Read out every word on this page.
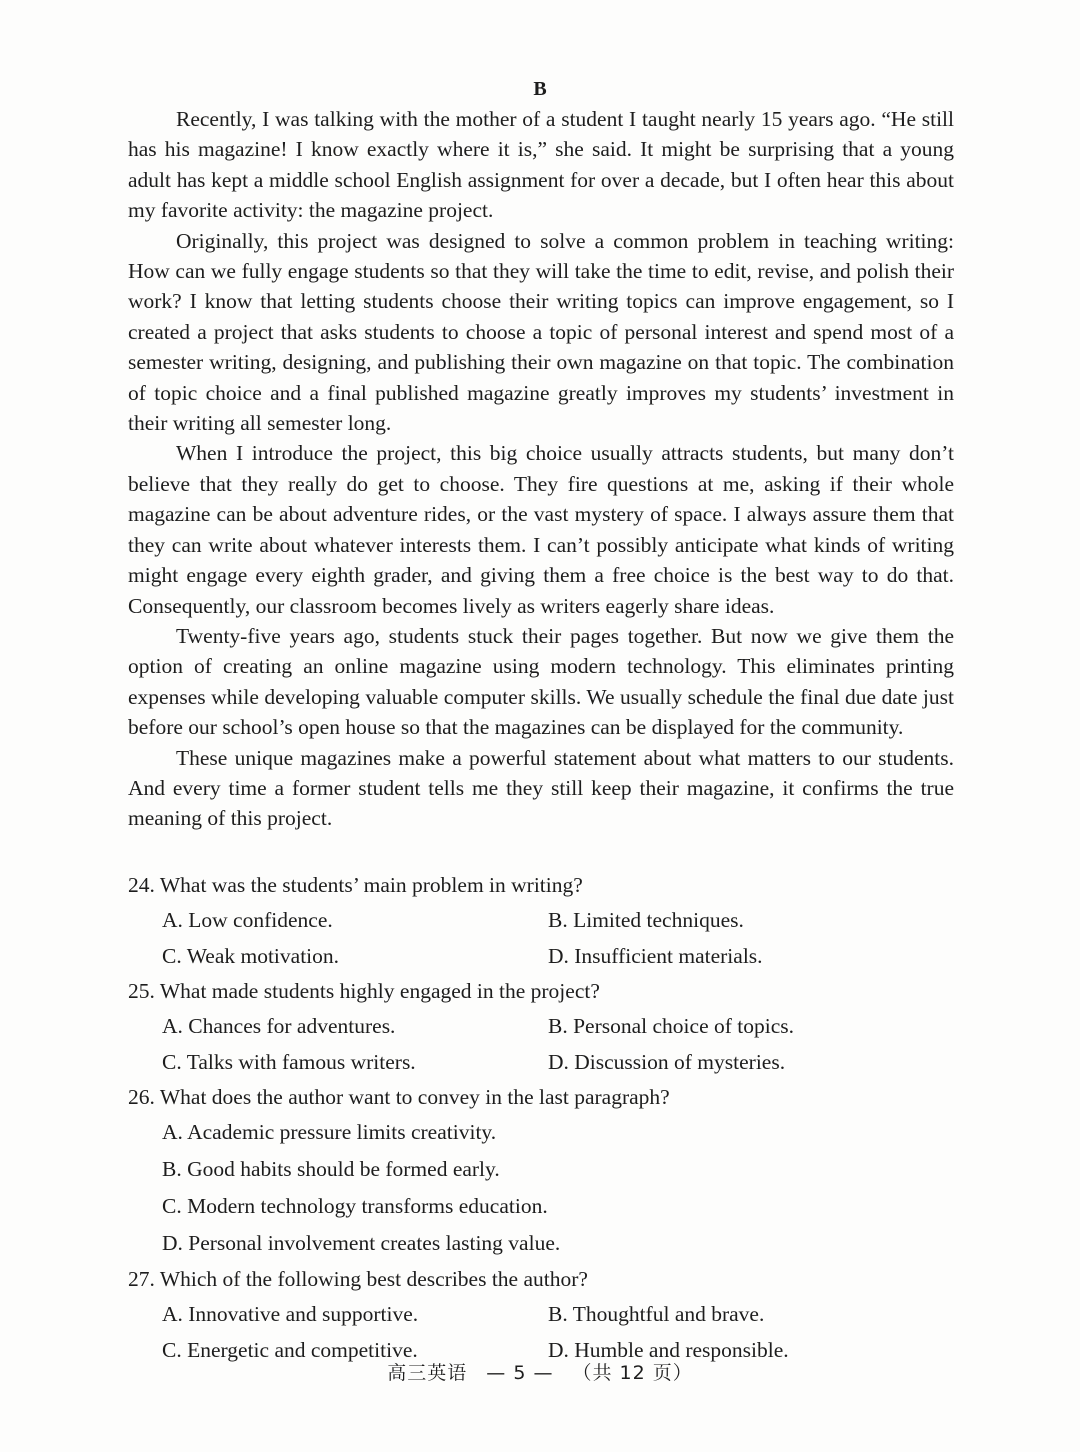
B

Recently, I was talking with the mother of a student I taught nearly 15 years ago. “He still has his magazine! I know exactly where it is,” she said. It might be surprising that a young adult has kept a middle school English assignment for over a decade, but I often hear this about my favorite activity: the magazine project.

Originally, this project was designed to solve a common problem in teaching writing: How can we fully engage students so that they will take the time to edit, revise, and polish their work? I know that letting students choose their writing topics can improve engagement, so I created a project that asks students to choose a topic of personal interest and spend most of a semester writing, designing, and publishing their own magazine on that topic. The combination of topic choice and a final published magazine greatly improves my students’ investment in their writing all semester long.

When I introduce the project, this big choice usually attracts students, but many don’t believe that they really do get to choose. They fire questions at me, asking if their whole magazine can be about adventure rides, or the vast mystery of space. I always assure them that they can write about whatever interests them. I can’t possibly anticipate what kinds of writing might engage every eighth grader, and giving them a free choice is the best way to do that. Consequently, our classroom becomes lively as writers eagerly share ideas.

Twenty-five years ago, students stuck their pages together. But now we give them the option of creating an online magazine using modern technology. This eliminates printing expenses while developing valuable computer skills. We usually schedule the final due date just before our school’s open house so that the magazines can be displayed for the community.

These unique magazines make a powerful statement about what matters to our students. And every time a former student tells me they still keep their magazine, it confirms the true meaning of this project.

24. What was the students’ main problem in writing?
A. Low confidence.	B. Limited techniques.
C. Weak motivation.	D. Insufficient materials.
25. What made students highly engaged in the project?
A. Chances for adventures.	B. Personal choice of topics.
C. Talks with famous writers.	D. Discussion of mysteries.
26. What does the author want to convey in the last paragraph?
A. Academic pressure limits creativity.
B. Good habits should be formed early.
C. Modern technology transforms education.
D. Personal involvement creates lasting value.
27. Which of the following best describes the author?
A. Innovative and supportive.	B. Thoughtful and brave.
C. Energetic and competitive.	D. Humble and responsible.
高三英语 — 5 — （共 12 页）
